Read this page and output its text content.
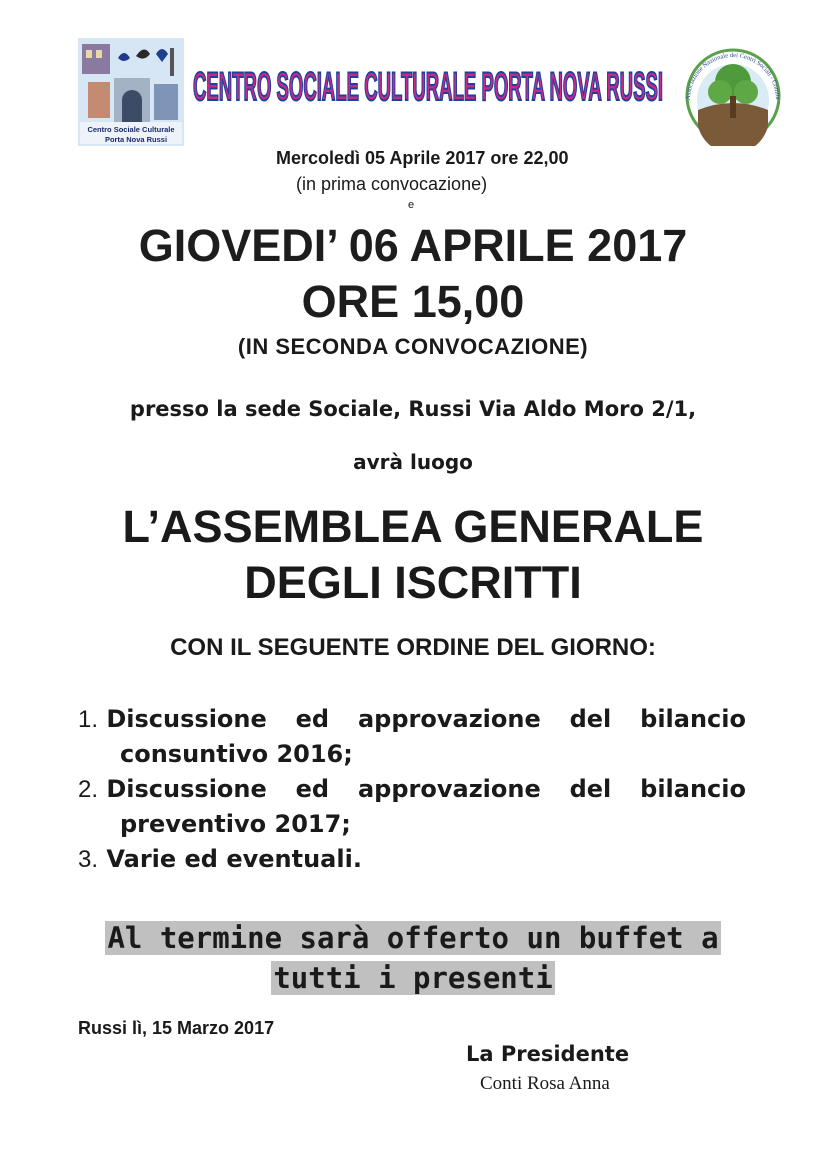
Centro Sociale Culturale
Porta Nova Russi
CENTRO SOCIALE CULTURALE PORTA NOVA RUSSI	Associazione Nazionale dei Centri Sociali - Comita
Mercoledì 05 Aprile 2017 ore 22,00
(in prima convocazione)
e
GIOVEDI’ 06 APRILE 2017
ORE 15,00
(IN SECONDA CONVOCAZIONE)
presso la sede Sociale, Russi Via Aldo Moro 2/1,
avrà luogo
L’ASSEMBLEA GENERALE
DEGLI ISCRITTI
CON IL SEGUENTE ORDINE DEL GIORNO:
1. Discussione ed approvazione del bilancio
consuntivo 2016;
2. Discussione ed approvazione del bilancio
preventivo 2017;
3. Varie ed eventuali.
Al termine sarà offerto un buffet a
tutti i presenti
Russi lì, 15 Marzo 2017
La Presidente
Conti Rosa Anna
